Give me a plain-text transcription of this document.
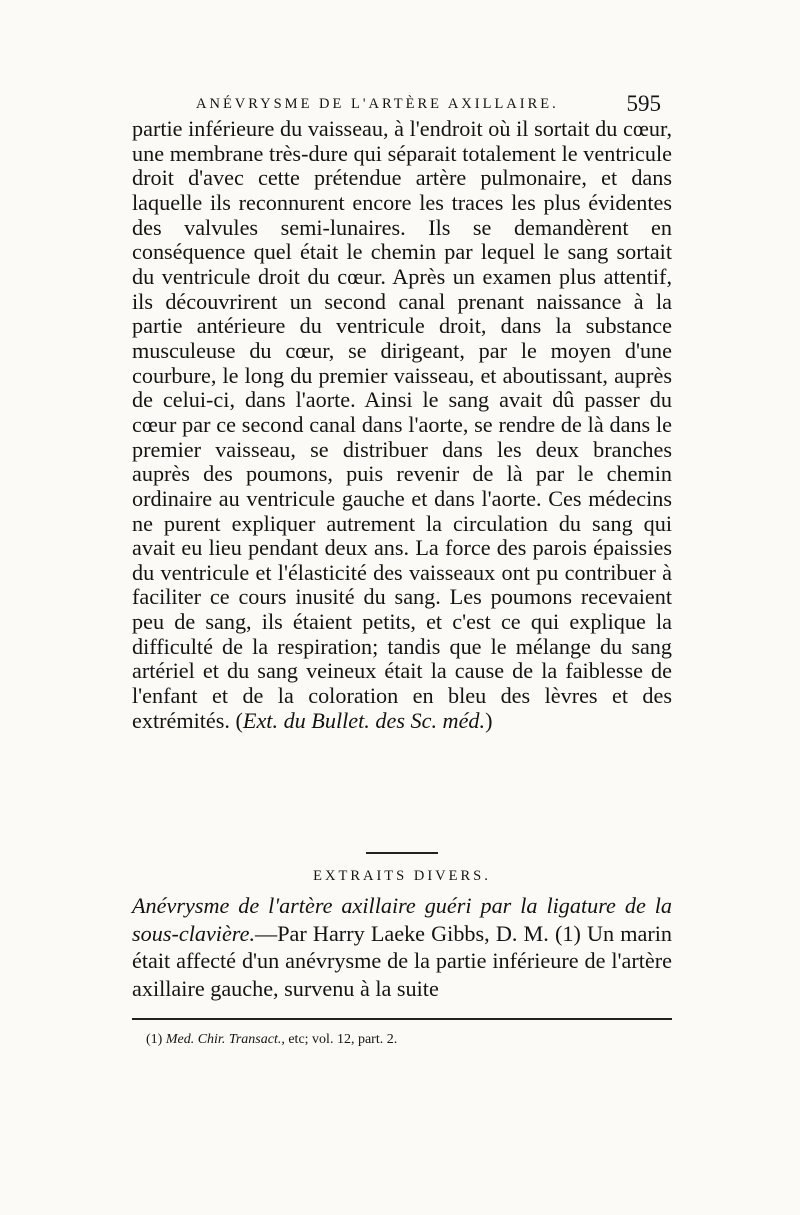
ANÉVRYSME DE L'ARTÈRE AXILLAIRE.	595

partie inférieure du vaisseau, à l'endroit où il sortait du cœur, une membrane très-dure qui séparait totalement le ventricule droit d'avec cette prétendue artère pulmonaire, et dans laquelle ils reconnurent encore les traces les plus évidentes des valvules semi-lunaires. Ils se demandèrent en conséquence quel était le chemin par lequel le sang sortait du ventricule droit du cœur. Après un examen plus attentif, ils découvrirent un second canal prenant naissance à la partie antérieure du ventricule droit, dans la substance musculeuse du cœur, se dirigeant, par le moyen d'une courbure, le long du premier vaisseau, et aboutissant, auprès de celui-ci, dans l'aorte. Ainsi le sang avait dû passer du cœur par ce second canal dans l'aorte, se rendre de là dans le premier vaisseau, se distribuer dans les deux branches auprès des poumons, puis revenir de là par le chemin ordinaire au ventricule gauche et dans l'aorte. Ces médecins ne purent expliquer autrement la circulation du sang qui avait eu lieu pendant deux ans. La force des parois épaissies du ventricule et l'élasticité des vaisseaux ont pu contribuer à faciliter ce cours inusité du sang. Les poumons recevaient peu de sang, ils étaient petits, et c'est ce qui explique la difficulté de la respiration; tandis que le mélange du sang artériel et du sang veineux était la cause de la faiblesse de l'enfant et de la coloration en bleu des lèvres et des extrémités. (Ext. du Bullet. des Sc. méd.)

EXTRAITS DIVERS.

Anévrysme de l'artère axillaire guéri par la ligature de la sous-clavière.—Par Harry Laeke Gibbs, D. M. (1) Un marin était affecté d'un anévrysme de la partie inférieure de l'artère axillaire gauche, survenu à la suite

(1) Med. Chir. Transact., etc; vol. 12, part. 2.
